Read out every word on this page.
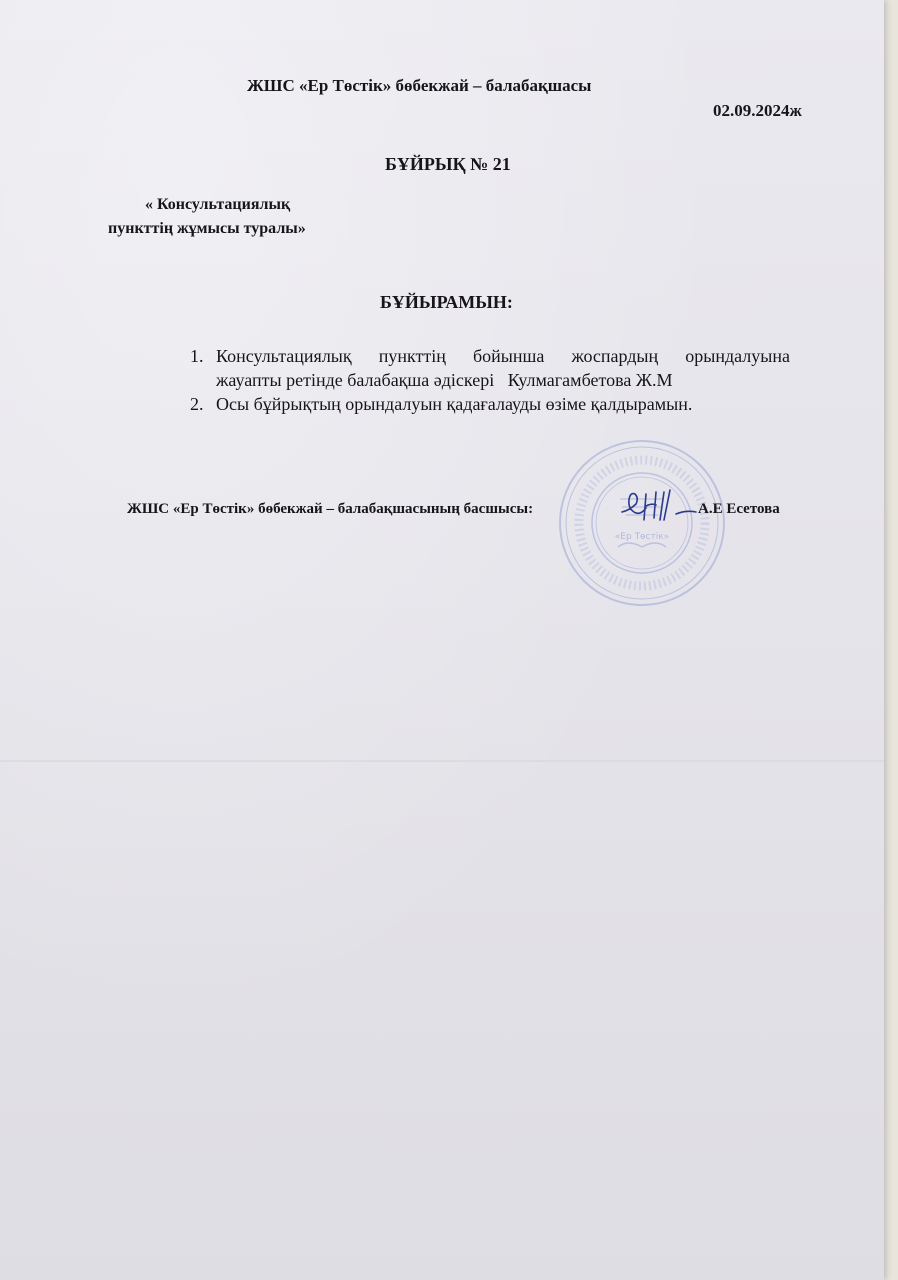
ЖШС «Ер Төстік» бөбекжай – балабақшасы
02.09.2024ж
БҰЙРЫҚ № 21
« Консультациялық
пункттің жұмысы туралы»
БҰЙЫРАМЫН:
1. Консультациялық пункттің бойынша жоспардың орындалуына
жауапты ретінде балабақша әдіскері   Кулмагамбетова Ж.М
2. Осы бұйрықтың орындалуын қадағалауды өзіме қалдырамын.
«Ер Төстік»
ЖШС «Ер Төстік» бөбекжай – балабақшасының басшысы:	А.Е Есетова
